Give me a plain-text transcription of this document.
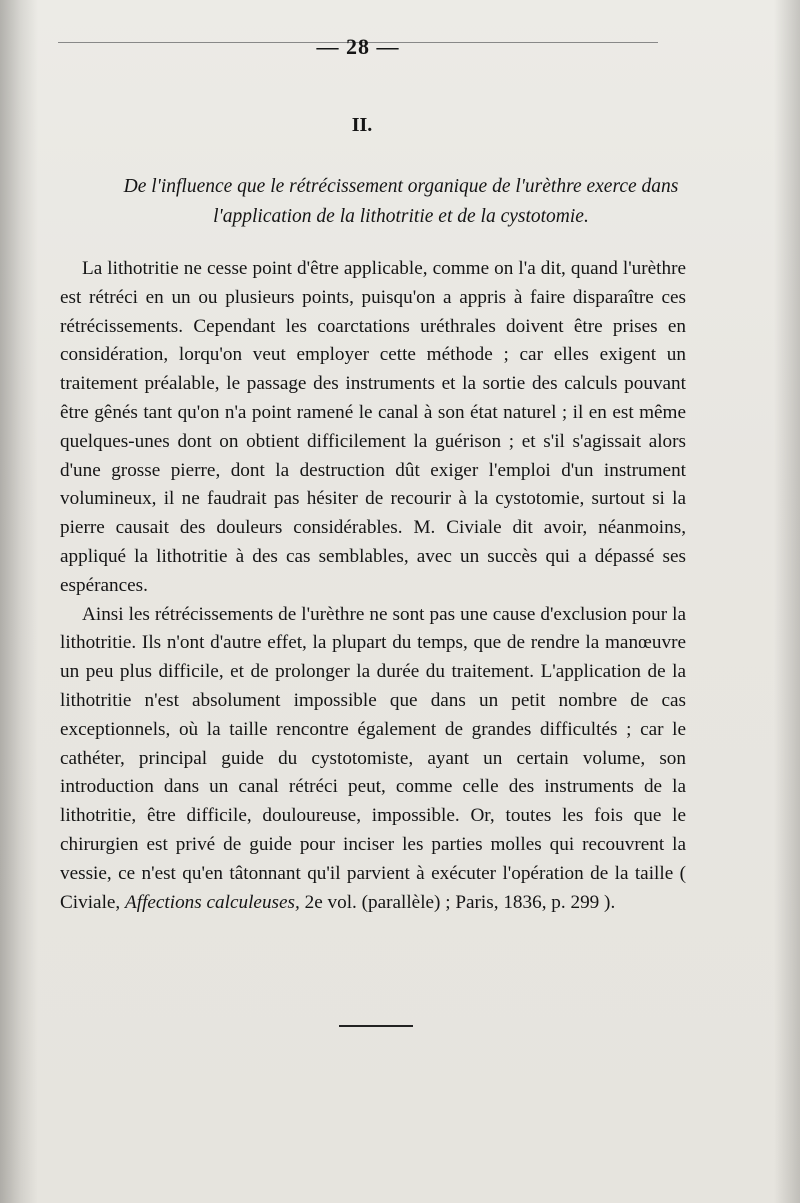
— 28 —
II.
De l'influence que le rétrécissement organique de l'urèthre exerce dans l'application de la lithotritie et de la cystotomie.

La lithotritie ne cesse point d'être applicable, comme on l'a dit, quand l'urèthre est rétréci en un ou plusieurs points, puisqu'on a appris à faire disparaître ces rétrécissements. Cependant les coarctations uréthrales doivent être prises en considération, lorqu'on veut employer cette méthode ; car elles exigent un traitement préalable, le passage des instruments et la sortie des calculs pouvant être gênés tant qu'on n'a point ramené le canal à son état naturel ; il en est même quelques-unes dont on obtient difficilement la guérison ; et s'il s'agissait alors d'une grosse pierre, dont la destruction dût exiger l'emploi d'un instrument volumineux, il ne faudrait pas hésiter de recourir à la cystotomie, surtout si la pierre causait des douleurs considérables. M. Civiale dit avoir, néanmoins, appliqué la lithotritie à des cas semblables, avec un succès qui a dépassé ses espérances.

Ainsi les rétrécissements de l'urèthre ne sont pas une cause d'exclusion pour la lithotritie. Ils n'ont d'autre effet, la plupart du temps, que de rendre la manœuvre un peu plus difficile, et de prolonger la durée du traitement. L'application de la lithotritie n'est absolument impossible que dans un petit nombre de cas exceptionnels, où la taille rencontre également de grandes difficultés ; car le cathéter, principal guide du cystotomiste, ayant un certain volume, son introduction dans un canal rétréci peut, comme celle des instruments de la lithotritie, être difficile, douloureuse, impossible. Or, toutes les fois que le chirurgien est privé de guide pour inciser les parties molles qui recouvrent la vessie, ce n'est qu'en tâtonnant qu'il parvient à exécuter l'opération de la taille ( Civiale, Affections calculeuses, 2e vol. (parallèle) ; Paris, 1836, p. 299 ).
